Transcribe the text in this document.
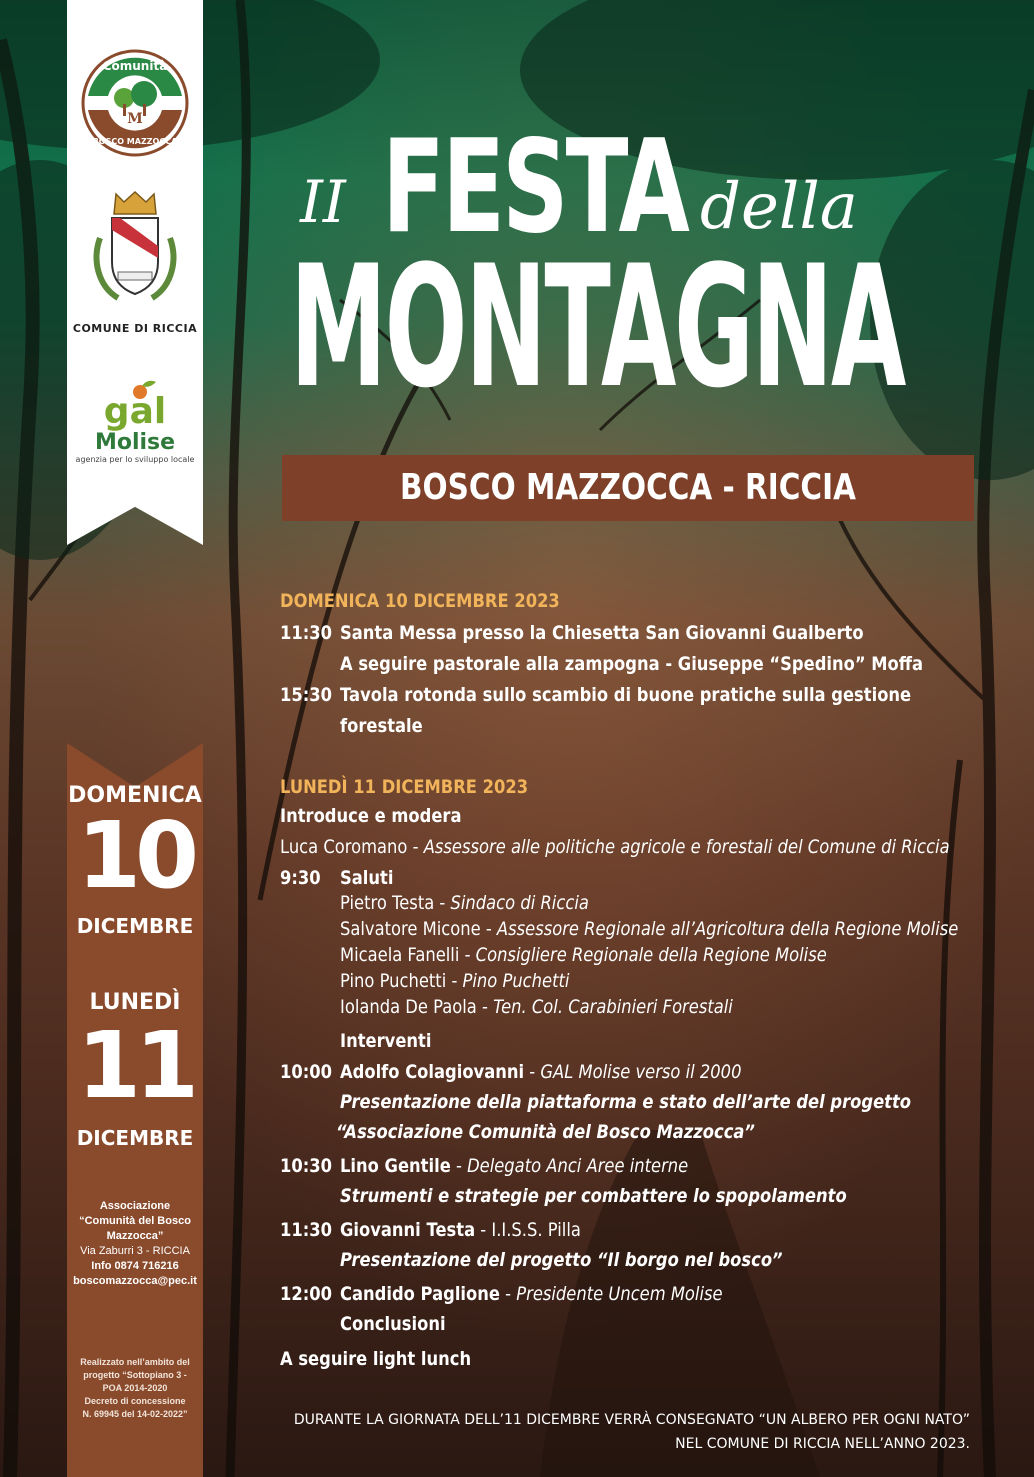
Comunità
M
BOSCO MAZZOCCA
COMUNE DI RICCIA
gal
Molise
agenzia per lo sviluppo locale
DOMENICA
10
DICEMBRE
LUNEDÌ
11
DICEMBRE
Associazione
“Comunità del Bosco
Mazzocca”
Via Zaburri 3 - RICCIA
Info 0874 716216
boscomazzocca@pec.it
Realizzato nell’ambito del
progetto “Sottopiano 3 -
POA 2014-2020
Decreto di concessione
N. 69945 del 14-02-2022”
II FESTA della
MONTAGNA
BOSCO MAZZOCCA - RICCIA
DOMENICA 10 DICEMBRE 2023
11:30 Santa Messa presso la Chiesetta San Giovanni Gualberto
A seguire pastorale alla zampogna - Giuseppe “Spedino” Moffa
15:30 Tavola rotonda sullo scambio di buone pratiche sulla gestione
forestale
LUNEDÌ 11 DICEMBRE 2023
Introduce e modera
Luca Coromano - Assessore alle politiche agricole e forestali del Comune di Riccia
9:30 Saluti
Pietro Testa - Sindaco di Riccia
Salvatore Micone - Assessore Regionale all’Agricoltura della Regione Molise
Micaela Fanelli - Consigliere Regionale della Regione Molise
Pino Puchetti - Pino Puchetti
Iolanda De Paola - Ten. Col. Carabinieri Forestali
Interventi
10:00 Adolfo Colagiovanni - GAL Molise verso il 2000
Presentazione della piattaforma e stato dell’arte del progetto
“Associazione Comunità del Bosco Mazzocca”
10:30 Lino Gentile - Delegato Anci Aree interne
Strumenti e strategie per combattere lo spopolamento
11:30 Giovanni Testa - I.I.S.S. Pilla
Presentazione del progetto “Il borgo nel bosco”
12:00 Candido Paglione - Presidente Uncem Molise
Conclusioni
A seguire light lunch
DURANTE LA GIORNATA DELL’11 DICEMBRE VERRÀ CONSEGNATO “UN ALBERO PER OGNI NATO”
NEL COMUNE DI RICCIA NELL’ANNO 2023.
